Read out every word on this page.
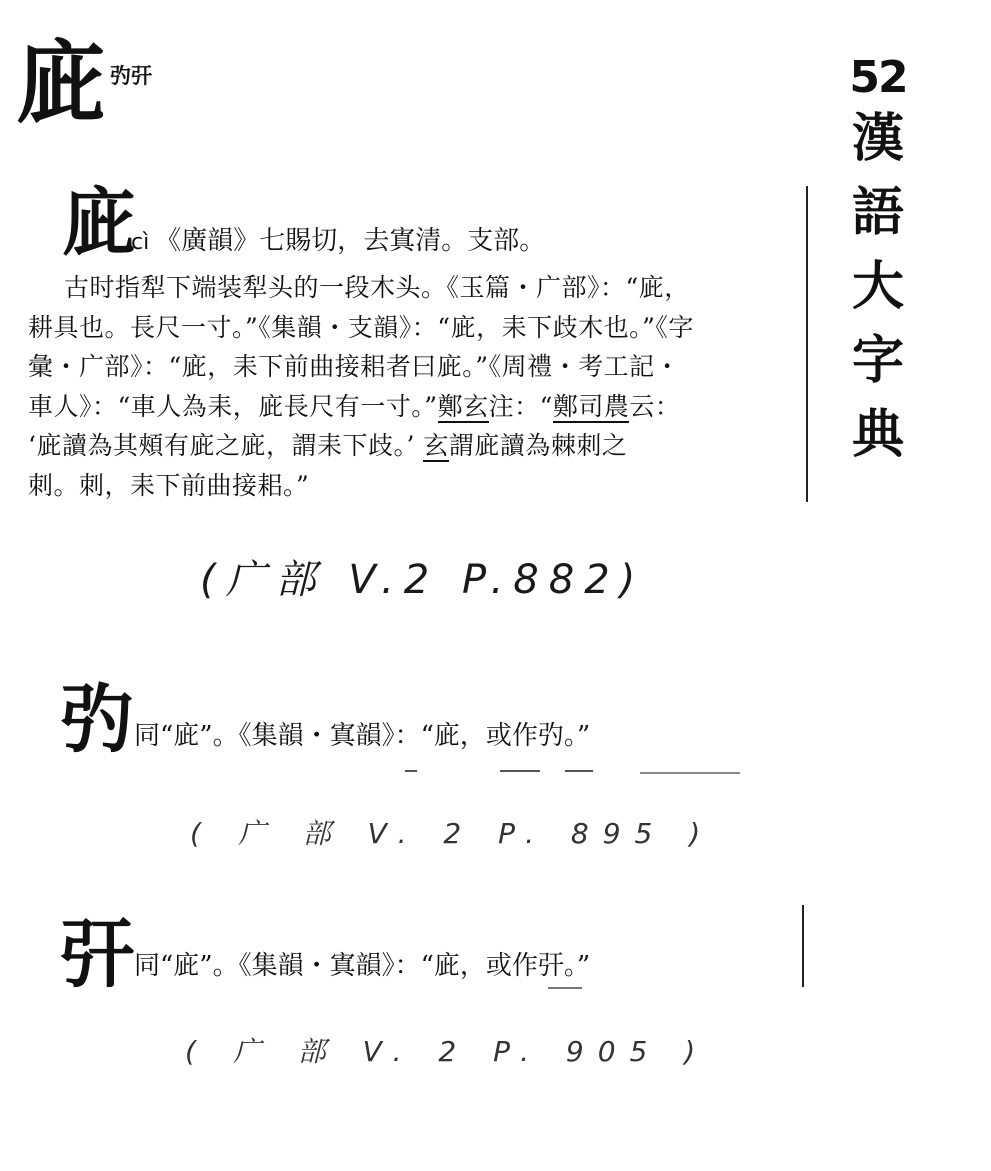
庛 㢩㢨	52
漢
語
大
字
典
庛
cì 《廣韻》七賜切，去寘清。支部。
古时指犁下端装犁头的一段木头。《玉篇・广部》：“庛，
耕具也。長尺一寸。”《集韻・支韻》：“庛，耒下歧木也。”《字
彙・广部》：“庛，耒下前曲接耜者曰庛。”《周禮・考工記・
車人》：“車人為耒，庛長尺有一寸。”鄭玄注：“鄭司農云：
‘庛讀為其頰有庛之庛，謂耒下歧。’ 玄謂庛讀為棘刺之
刺。刺，耒下前曲接耜。”
(广部 V.2 P.882)
㢩 同“庛”。《集韻・寘韻》：“庛，或作㢩。”
( 广 部 V. 2 P. 895 )
㢨 同“庛”。《集韻・寘韻》：“庛，或作㢨。”
( 广 部 V. 2 P. 905 )
